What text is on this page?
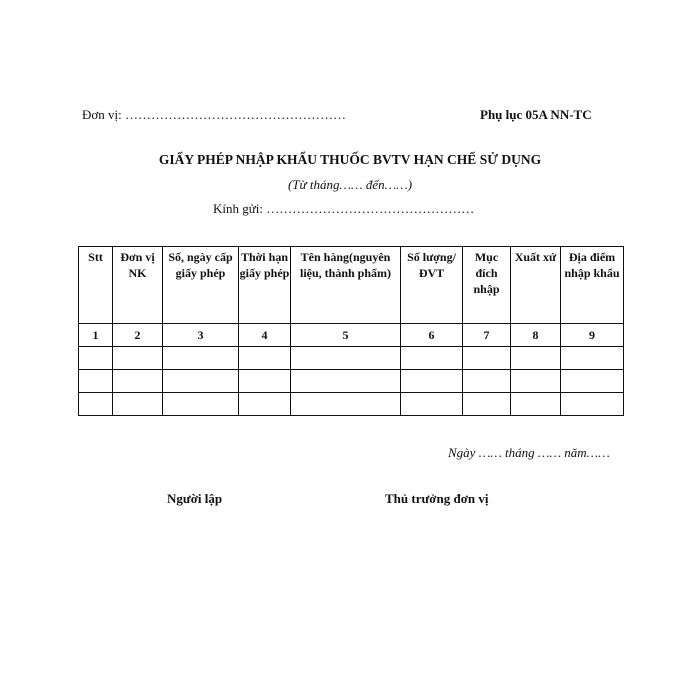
Đơn vị: ……………………………………………	Phụ lục 05A NN-TC
GIẤY PHÉP NHẬP KHẨU THUỐC BVTV HẠN CHẾ SỬ DỤNG
(Từ tháng…… đến……)
Kính gửi: …………………………………………
Stt	Đơn vị NK	Số, ngày cấp giấy phép	Thời hạn giấy phép	Tên hàng(nguyên liệu, thành phẩm)	Số lượng/ ĐVT	Mục đích nhập	Xuất xứ	Địa điểm nhập khẩu
1	2	3	4	5	6	7	8	9

Ngày …… tháng …… năm……
Người lập	Thủ trưởng đơn vị
